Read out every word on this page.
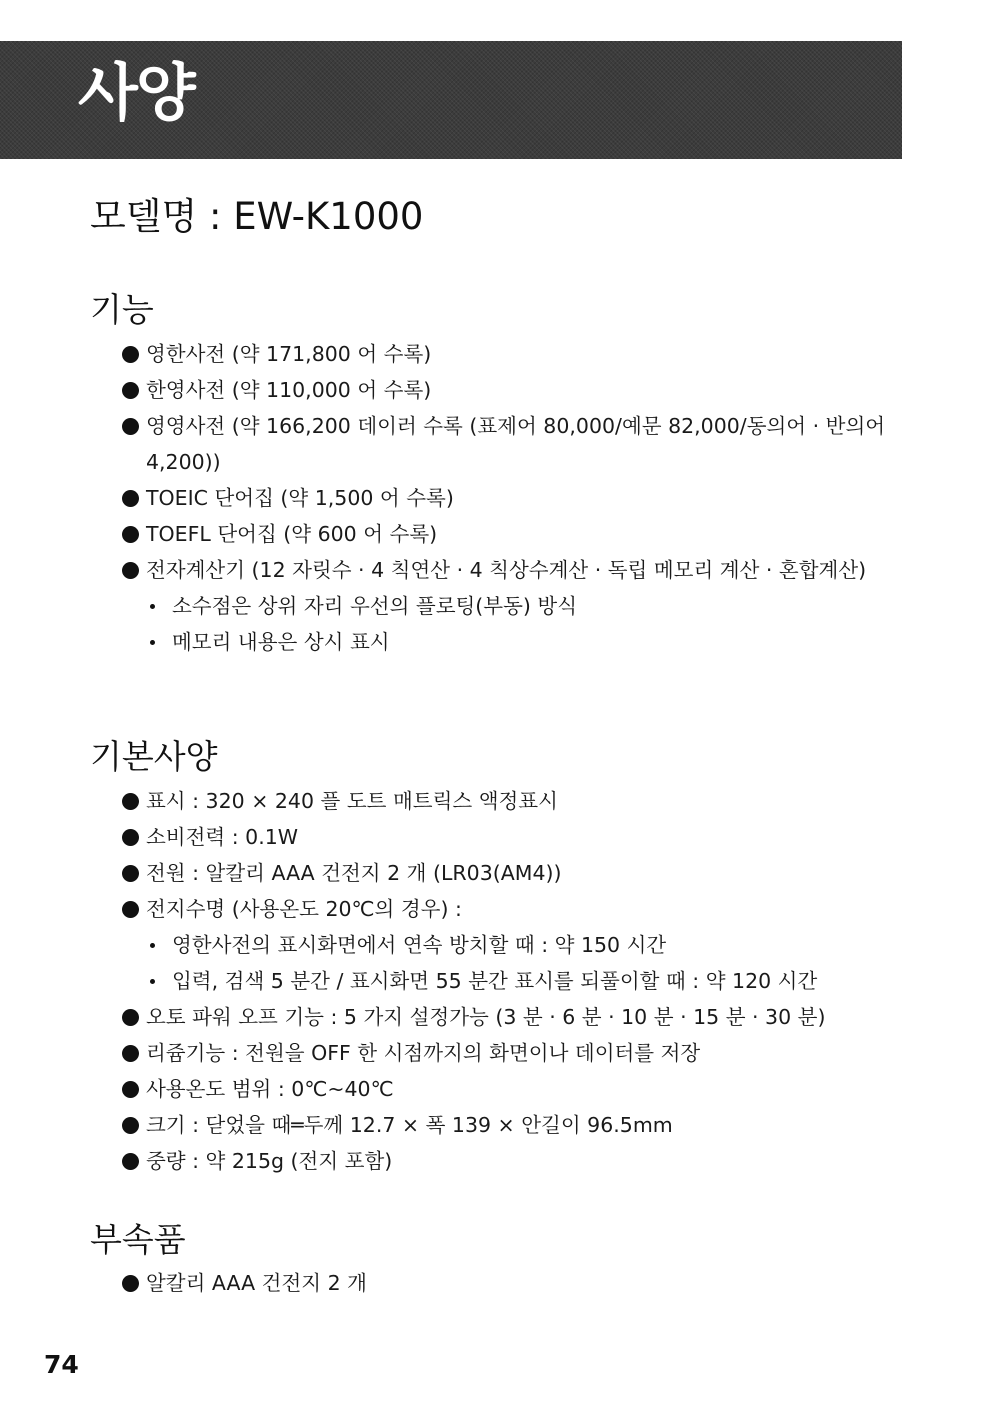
사양
모델명 : EW-K1000
기능
영한사전 (약 171,800 어 수록)
한영사전 (약 110,000 어 수록)
영영사전 (약 166,200 데이러 수록 (표제어 80,000/예문 82,000/동의어 · 반의어 4,200))
TOEIC 단어집 (약 1,500 어 수록)
TOEFL 단어집 (약 600 어 수록)
전자계산기 (12 자릿수 · 4 칙연산 · 4 칙상수계산 · 독립 메모리 계산 · 혼합계산)
소수점은 상위 자리 우선의 플로팅(부동) 방식
메모리 내용은 상시 표시
기본사양
표시 : 320 × 240 플 도트 매트릭스 액정표시
소비전력 : 0.1W
전원 : 알칼리 AAA 건전지 2 개 (LR03(AM4))
전지수명 (사용온도 20℃의 경우) :
영한사전의 표시화면에서 연속 방치할 때 : 약 150 시간
입력, 검색 5 분간 / 표시화면 55 분간 표시를 되풀이할 때 : 약 120 시간
오토 파워 오프 기능 : 5 가지 설정가능 (3 분 · 6 분 · 10 분 · 15 분 · 30 분)
리쥼기능 : 전원을 OFF 한 시점까지의 화면이나 데이터를 저장
사용온도 범위 : 0℃~40℃
크기 : 닫었을 때═두께 12.7 × 폭 139 × 안길이 96.5mm
중량 : 약 215g (전지 포함)
부속품
알칼리 AAA 건전지 2 개

74
